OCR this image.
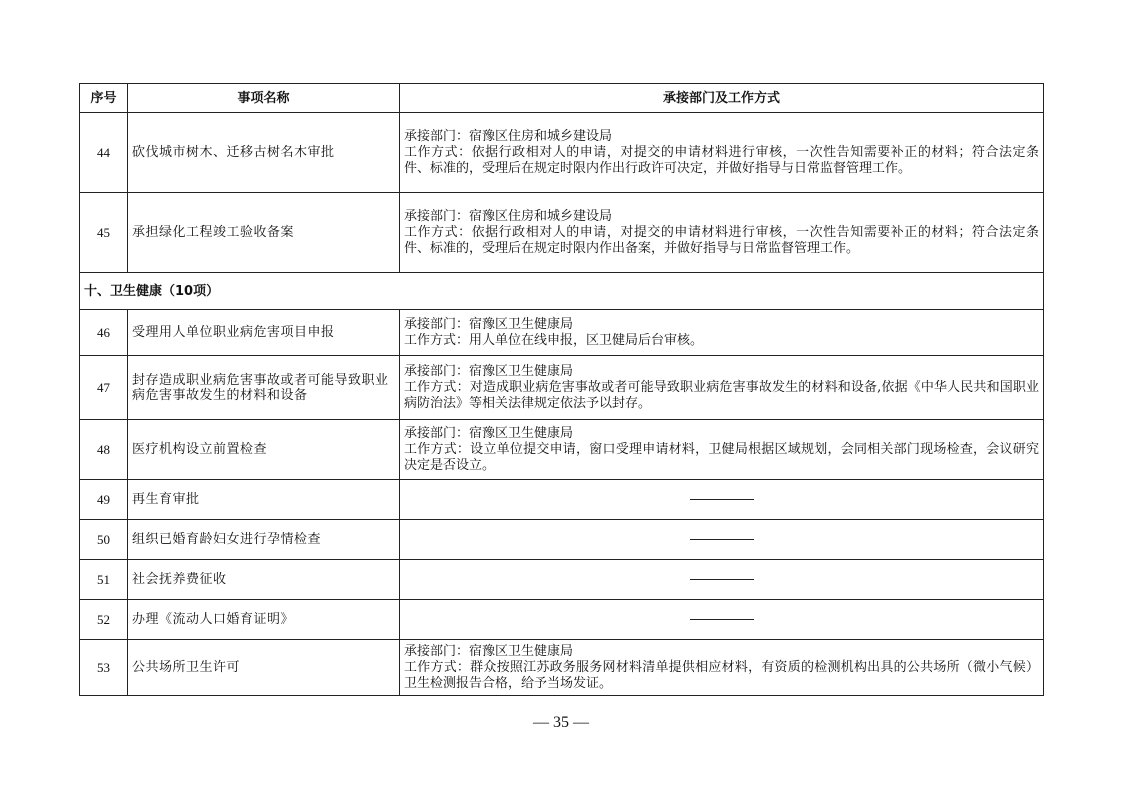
序号	事项名称	承接部门及工作方式
44	砍伐城市树木、迁移古树名木审批	承接部门：宿豫区住房和城乡建设局
工作方式：依据行政相对人的申请，对提交的申请材料进行审核，一次性告知需要补正的材料；符合法定条件、标准的，受理后在规定时限内作出行政许可决定，并做好指导与日常监督管理工作。

45	承担绿化工程竣工验收备案	承接部门：宿豫区住房和城乡建设局
工作方式：依据行政相对人的申请，对提交的申请材料进行审核，一次性告知需要补正的材料；符合法定条件、标准的，受理后在规定时限内作出备案，并做好指导与日常监督管理工作。

十、卫生健康（10项）		
46	受理用人单位职业病危害项目申报	承接部门：宿豫区卫生健康局
工作方式：用人单位在线申报，区卫健局后台审核。

47	封存造成职业病危害事故或者可能导致职业病危害事故发生的材料和设备	承接部门：宿豫区卫生健康局
工作方式：对造成职业病危害事故或者可能导致职业病危害事故发生的材料和设备,依据《中华人民共和国职业病防治法》等相关法律规定依法予以封存。

48	医疗机构设立前置检查	承接部门：宿豫区卫生健康局
工作方式：设立单位提交申请，窗口受理申请材料，卫健局根据区域规划，会同相关部门现场检查，会议研究决定是否设立。

49	再生育审批	
50	组织已婚育龄妇女进行孕情检查	
51	社会抚养费征收	
52	办理《流动人口婚育证明》	
53	公共场所卫生许可	承接部门：宿豫区卫生健康局
工作方式：群众按照江苏政务服务网材料清单提供相应材料，有资质的检测机构出具的公共场所（微小气候）卫生检测报告合格，给予当场发证。
— 35 —
